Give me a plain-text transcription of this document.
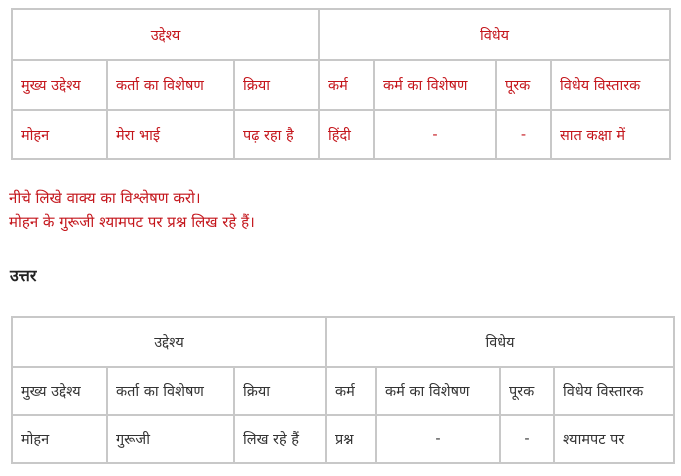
उद्देश्य			विधेय			
मुख्य उद्देश्य	कर्ता का विशेषण	क्रिया	कर्म	कर्म का विशेषण	पूरक	विधेय विस्तारक
मोहन	मेरा भाई	पढ़ रहा है	हिंदी	-	-	सात कक्षा में
नीचे लिखे वाक्य का विश्लेषण करो।
मोहन के गुरूजी श्यामपट पर प्रश्न लिख रहे हैं।
उत्तर
उद्देश्य			विधेय			
मुख्य उद्देश्य	कर्ता का विशेषण	क्रिया	कर्म	कर्म का विशेषण	पूरक	विधेय विस्तारक
मोहन	गुरूजी	लिख रहे हैं	प्रश्न	-	-	श्यामपट पर
